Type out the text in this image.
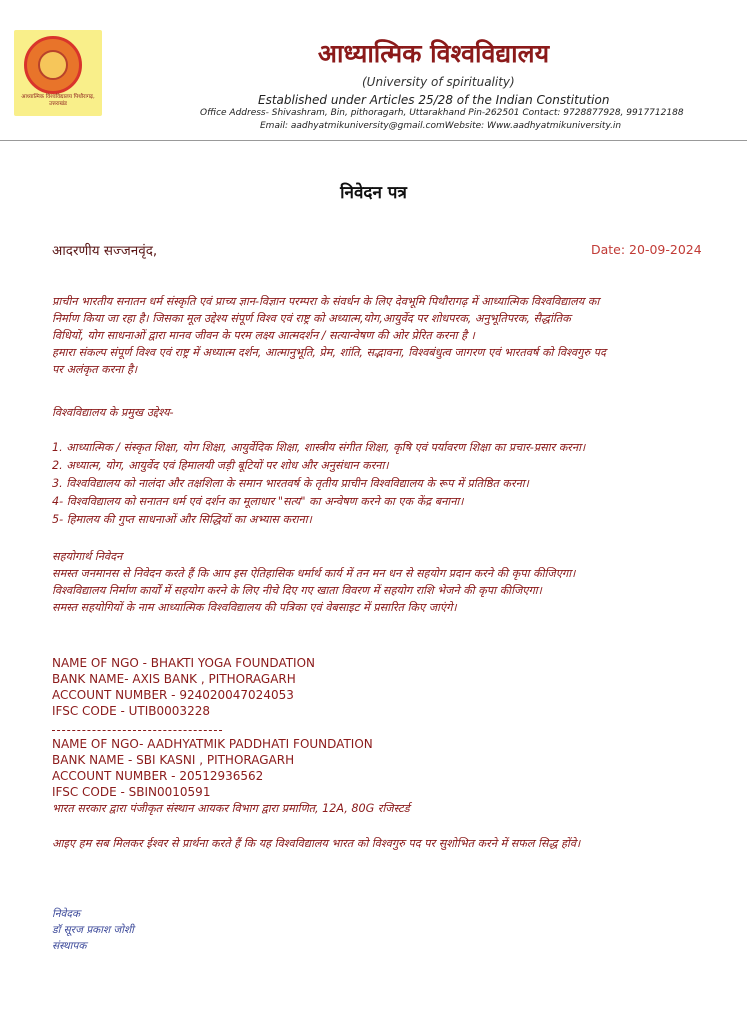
आध्यात्मिक विश्वविद्यालय पिथौरागढ़, उत्तराखंड
आध्यात्मिक विश्वविद्यालय
(University of spirituality)
Established under Articles 25/28 of the Indian Constitution
Office Address- Shivashram, Bin, pithoragarh, Uttarakhand Pin-262501 Contact: 9728877928, 9917712188
Email: aadhyatmikuniversity@gmail.comWebsite: Www.aadhyatmikuniversity.in
निवेदन पत्र
आदरणीय सज्जनवृंद,	Date: 20-09-2024
प्राचीन भारतीय सनातन धर्म संस्कृति एवं प्राच्य ज्ञान-विज्ञान परम्परा के संवर्धन के लिए देवभूमि पिथौरागढ़ में आध्यात्मिक विश्वविद्यालय का
निर्माण किया जा रहा है। जिसका मूल उद्देश्य संपूर्ण विश्व एवं राष्ट्र को अध्यात्म,योग,आयुर्वेद पर शोधपरक, अनुभूतिपरक, सैद्धांतिक
विधियों, योग साधनाओं द्वारा मानव जीवन के परम लक्ष्य आत्मदर्शन / सत्यान्वेषण की ओर प्रेरित करना है ।
हमारा संकल्प संपूर्ण विश्व एवं राष्ट्र में अध्यात्म दर्शन, आत्मानुभूति, प्रेम, शांति, सद्भावना, विश्वबंधुत्व जागरण एवं भारतवर्ष को विश्वगुरु पद
पर अलंकृत करना है।
विश्वविद्यालय के प्रमुख उद्देश्य-
1. आध्यात्मिक / संस्कृत शिक्षा, योग शिक्षा, आयुर्वेदिक शिक्षा, शास्त्रीय संगीत शिक्षा, कृषि एवं पर्यावरण शिक्षा का प्रचार-प्रसार करना।
2. अध्यात्म, योग, आयुर्वेद एवं हिमालयी जड़ी बूटियों पर शोध और अनुसंधान करना।
3. विश्वविद्यालय को नालंदा और तक्षशिला के समान भारतवर्ष के तृतीय प्राचीन विश्वविद्यालय के रूप में प्रतिष्ठित करना।
4- विश्वविद्यालय को सनातन धर्म एवं दर्शन का मूलाधार "सत्य" का अन्वेषण करने का एक केंद्र बनाना।
5- हिमालय की गुप्त साधनाओं और सिद्धियों का अभ्यास कराना।
सहयोगार्थ निवेदन
समस्त जनमानस से निवेदन करते हैं कि आप इस ऐतिहासिक धर्मार्थ कार्य में तन मन धन से सहयोग प्रदान करने की कृपा कीजिएगा।
विश्वविद्यालय निर्माण कार्यों में सहयोग करने के लिए नीचे दिए गए खाता विवरण में सहयोग राशि भेजने की कृपा कीजिएगा।
समस्त सहयोगियों के नाम आध्यात्मिक विश्वविद्यालय की पत्रिका एवं वेबसाइट में प्रसारित किए जाएंगे।
NAME OF NGO - BHAKTI YOGA FOUNDATION
BANK NAME- AXIS BANK , PITHORAGARH
ACCOUNT NUMBER - 924020047024053
IFSC CODE - UTIB0003228
NAME OF NGO- AADHYATMIK PADDHATI FOUNDATION
BANK NAME - SBI KASNI , PITHORAGARH
ACCOUNT NUMBER - 20512936562
IFSC CODE - SBIN0010591
भारत सरकार द्वारा पंजीकृत संस्थान आयकर विभाग द्वारा प्रमाणित, 12A, 80G रजिस्टर्ड
आइए हम सब मिलकर ईश्वर से प्रार्थना करते हैं कि यह विश्वविद्यालय भारत को विश्वगुरु पद पर सुशोभित करने में सफल सिद्ध होंवे।
निवेदक
डॉ सूरज प्रकाश जोशी
संस्थापक
